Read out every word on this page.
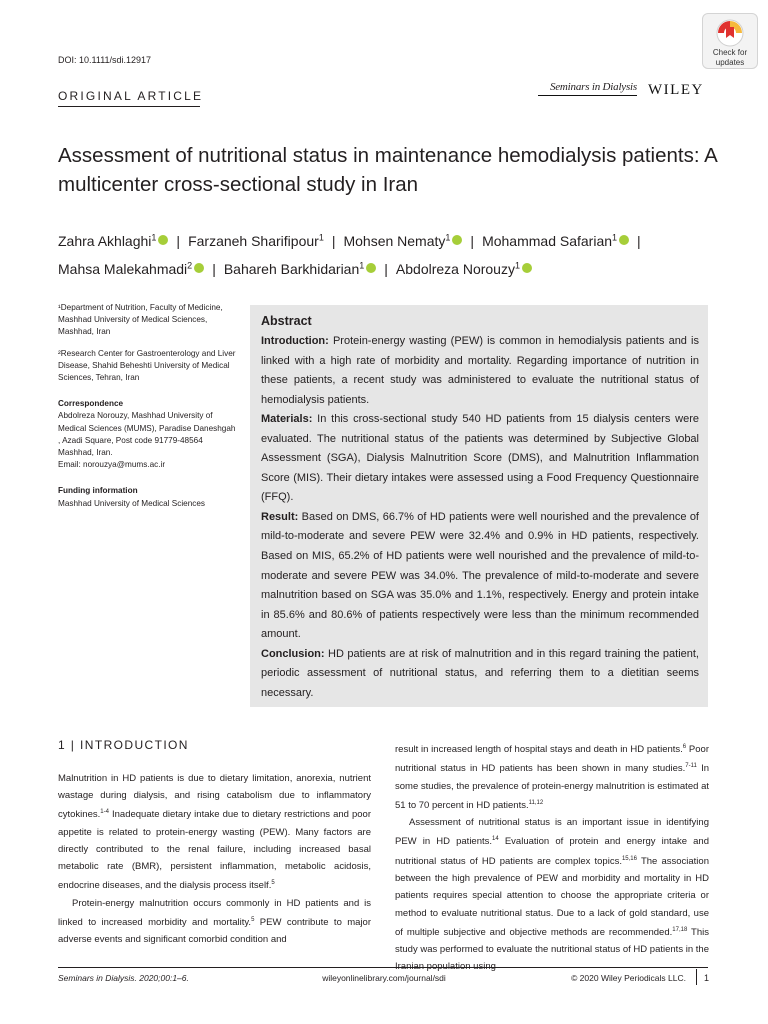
DOI: 10.1111/sdi.12917
ORIGINAL ARTICLE
Check for
updates
Seminars in Dialysis WILEY
Assessment of nutritional status in maintenance hemodialysis patients: A multicenter cross-sectional study in Iran
Zahra Akhlaghi$^1$ | Farzaneh Sharifipour$^1$ | Mohsen Nematy$^1$ | Mohammad Safarian$^1$ |
Mahsa Malekahmadi$^2$ | Bahareh Barkhidarian$^1$ | Abdolreza Norouzy$^1$

¹Department of Nutrition, Faculty of Medicine, Mashhad University of Medical Sciences, Mashhad, Iran

²Research Center for Gastroenterology and Liver Disease, Shahid Beheshti University of Medical Sciences, Tehran, Iran

Correspondence
Abdolreza Norouzy, Mashhad University of Medical Sciences (MUMS), Paradise Daneshgah , Azadi Square, Post code 91779-48564 Mashhad, Iran.
Email: norouzya@mums.ac.ir

Funding information
Mashhad University of Medical Sciences

Abstract

Introduction: Protein-energy wasting (PEW) is common in hemodialysis patients and is linked with a high rate of morbidity and mortality. Regarding importance of nutrition in these patients, a recent study was administered to evaluate the nutritional status of hemodialysis patients.

Materials: In this cross-sectional study 540 HD patients from 15 dialysis centers were evaluated. The nutritional status of the patients was determined by Subjective Global Assessment (SGA), Dialysis Malnutrition Score (DMS), and Malnutrition Inflammation Score (MIS). Their dietary intakes were assessed using a Food Frequency Questionnaire (FFQ).

Result: Based on DMS, 66.7% of HD patients were well nourished and the prevalence of mild-to-moderate and severe PEW were 32.4% and 0.9% in HD patients, respectively. Based on MIS, 65.2% of HD patients were well nourished and the prevalence of mild-to-moderate and severe PEW was 34.0%. The prevalence of mild-to-moderate and severe malnutrition based on SGA was 35.0% and 1.1%, respectively. Energy and protein intake in 85.6% and 80.6% of patients respectively were less than the minimum recommended amount.

Conclusion: HD patients are at risk of malnutrition and in this regard training the patient, periodic assessment of nutritional status, and referring them to a dietitian seems necessary.

1 | INTRODUCTION

Malnutrition in HD patients is due to dietary limitation, anorexia, nutrient wastage during dialysis, and rising catabolism due to inflammatory cytokines.$^{1-4}$ Inadequate dietary intake due to dietary restrictions and poor appetite is related to protein-energy wasting (PEW). Many factors are directly contributed to the renal failure, including increased basal metabolic rate (BMR), persistent inflammation, metabolic acidosis, endocrine diseases, and the dialysis process itself.$^5$

Protein-energy malnutrition occurs commonly in HD patients and is linked to increased morbidity and mortality.$^5$ PEW contribute to major adverse events and significant comorbid condition and

result in increased length of hospital stays and death in HD patients.$^6$ Poor nutritional status in HD patients has been shown in many studies.$^{7-11}$ In some studies, the prevalence of protein-energy malnutrition is estimated at 51 to 70 percent in HD patients.$^{11,12}$

Assessment of nutritional status is an important issue in identifying PEW in HD patients.$^{14}$ Evaluation of protein and energy intake and nutritional status of HD patients are complex topics.$^{15,16}$ The association between the high prevalence of PEW and morbidity and mortality in HD patients requires special attention to choose the appropriate criteria or method to evaluate nutritional status. Due to a lack of gold standard, use of multiple subjective and objective methods are recommended.$^{17,18}$ This study was performed to evaluate the nutritional status of HD patients in the Iranian population using

Seminars in Dialysis. 2020;00:1–6.	wileyonlinelibrary.com/journal/sdi	© 2020 Wiley Periodicals LLC. 1
